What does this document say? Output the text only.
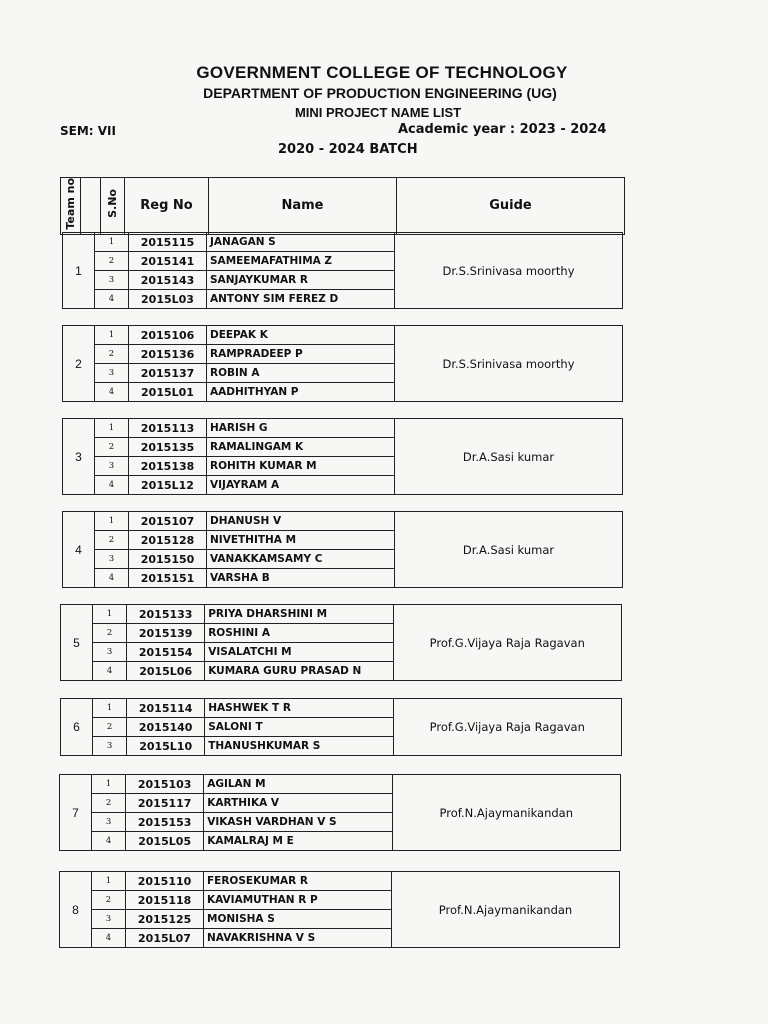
GOVERNMENT COLLEGE OF TECHNOLOGY
DEPARTMENT OF PRODUCTION ENGINEERING (UG)
MINI PROJECT NAME LIST
SEM: VII	Academic year : 2023 - 2024
2020 - 2024 BATCH
Team no		S.No	Reg No	Name	Guide
1	1	2015115	JANAGAN S	Dr.S.Srinivasa moorthy
	2	2015141	SAMEEMAFATHIMA Z	
	3	2015143	SANJAYKUMAR R	
	4	2015L03	ANTONY SIM FEREZ D	
2	1	2015106	DEEPAK K	Dr.S.Srinivasa moorthy
	2	2015136	RAMPRADEEP P	
	3	2015137	ROBIN A	
	4	2015L01	AADHITHYAN P	
3	1	2015113	HARISH G	Dr.A.Sasi kumar
	2	2015135	RAMALINGAM K	
	3	2015138	ROHITH KUMAR M	
	4	2015L12	VIJAYRAM A	
4	1	2015107	DHANUSH V	Dr.A.Sasi kumar
	2	2015128	NIVETHITHA M	
	3	2015150	VANAKKAMSAMY C	
	4	2015151	VARSHA B	
5	1	2015133	PRIYA DHARSHINI M	Prof.G.Vijaya Raja Ragavan
	2	2015139	ROSHINI A	
	3	2015154	VISALATCHI M	
	4	2015L06	KUMARA GURU PRASAD N	
6	1	2015114	HASHWEK T R	Prof.G.Vijaya Raja Ragavan
	2	2015140	SALONI T	
	3	2015L10	THANUSHKUMAR S	
7	1	2015103	AGILAN M	Prof.N.Ajaymanikandan
	2	2015117	KARTHIKA V	
	3	2015153	VIKASH VARDHAN V S	
	4	2015L05	KAMALRAJ M E	
8	1	2015110	FEROSEKUMAR R	Prof.N.Ajaymanikandan
	2	2015118	KAVIAMUTHAN R P	
	3	2015125	MONISHA S	
	4	2015L07	NAVAKRISHNA V S	
